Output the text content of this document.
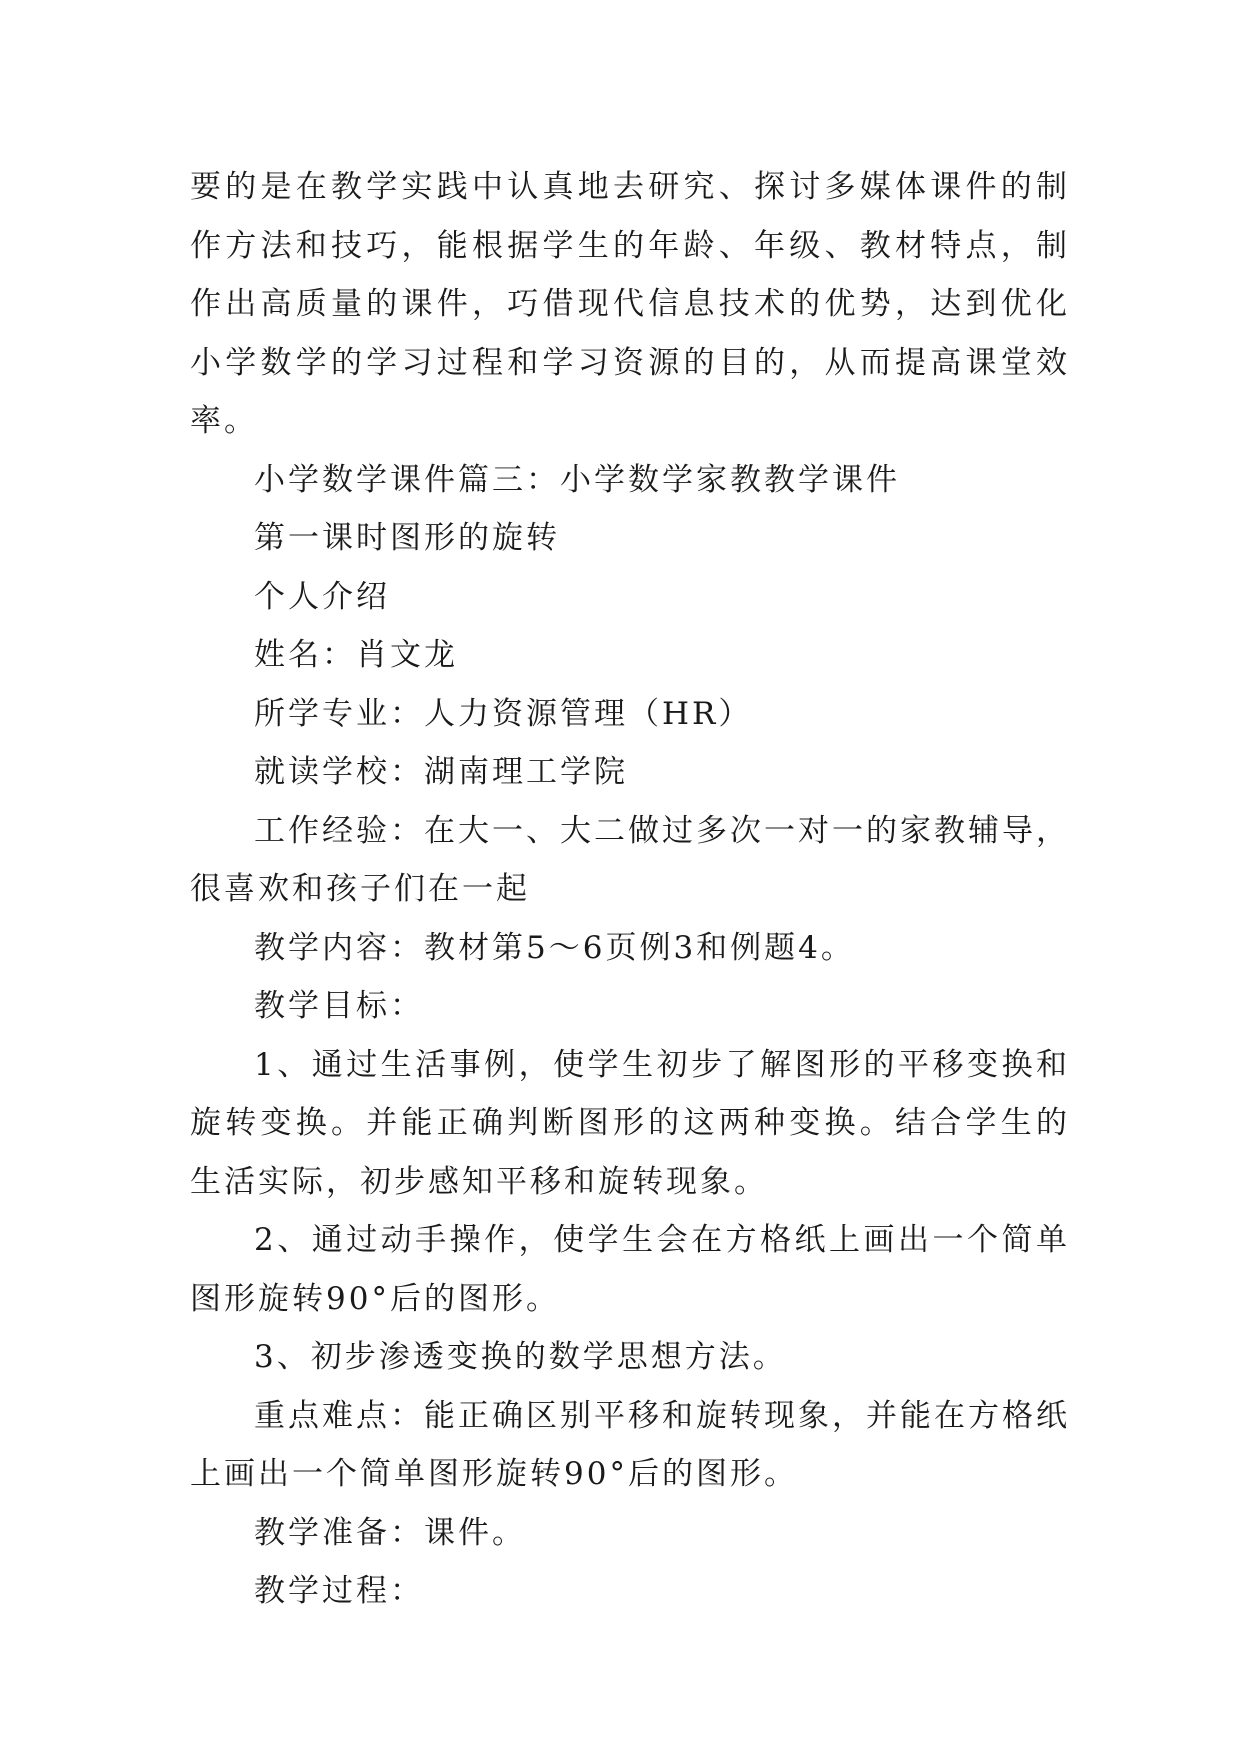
要的是在教学实践中认真地去研究、探讨多媒体课件的制作方法和技巧，能根据学生的年龄、年级、教材特点，制作出高质量的课件，巧借现代信息技术的优势，达到优化小学数学的学习过程和学习资源的目的，从而提高课堂效率。

小学数学课件篇三：小学数学家教教学课件

第一课时图形的旋转

个人介绍

姓名：肖文龙

所学专业：人力资源管理（HR）

就读学校：湖南理工学院

工作经验：在大一、大二做过多次一对一的家教辅导，很喜欢和孩子们在一起

教学内容：教材第5～6页例3和例题4。

教学目标：

1、通过生活事例，使学生初步了解图形的平移变换和旋转变换。并能正确判断图形的这两种变换。结合学生的生活实际，初步感知平移和旋转现象。

2、通过动手操作，使学生会在方格纸上画出一个简单图形旋转90°后的图形。

3、初步渗透变换的数学思想方法。

重点难点：能正确区别平移和旋转现象，并能在方格纸上画出一个简单图形旋转90°后的图形。

教学准备：课件。

教学过程：
